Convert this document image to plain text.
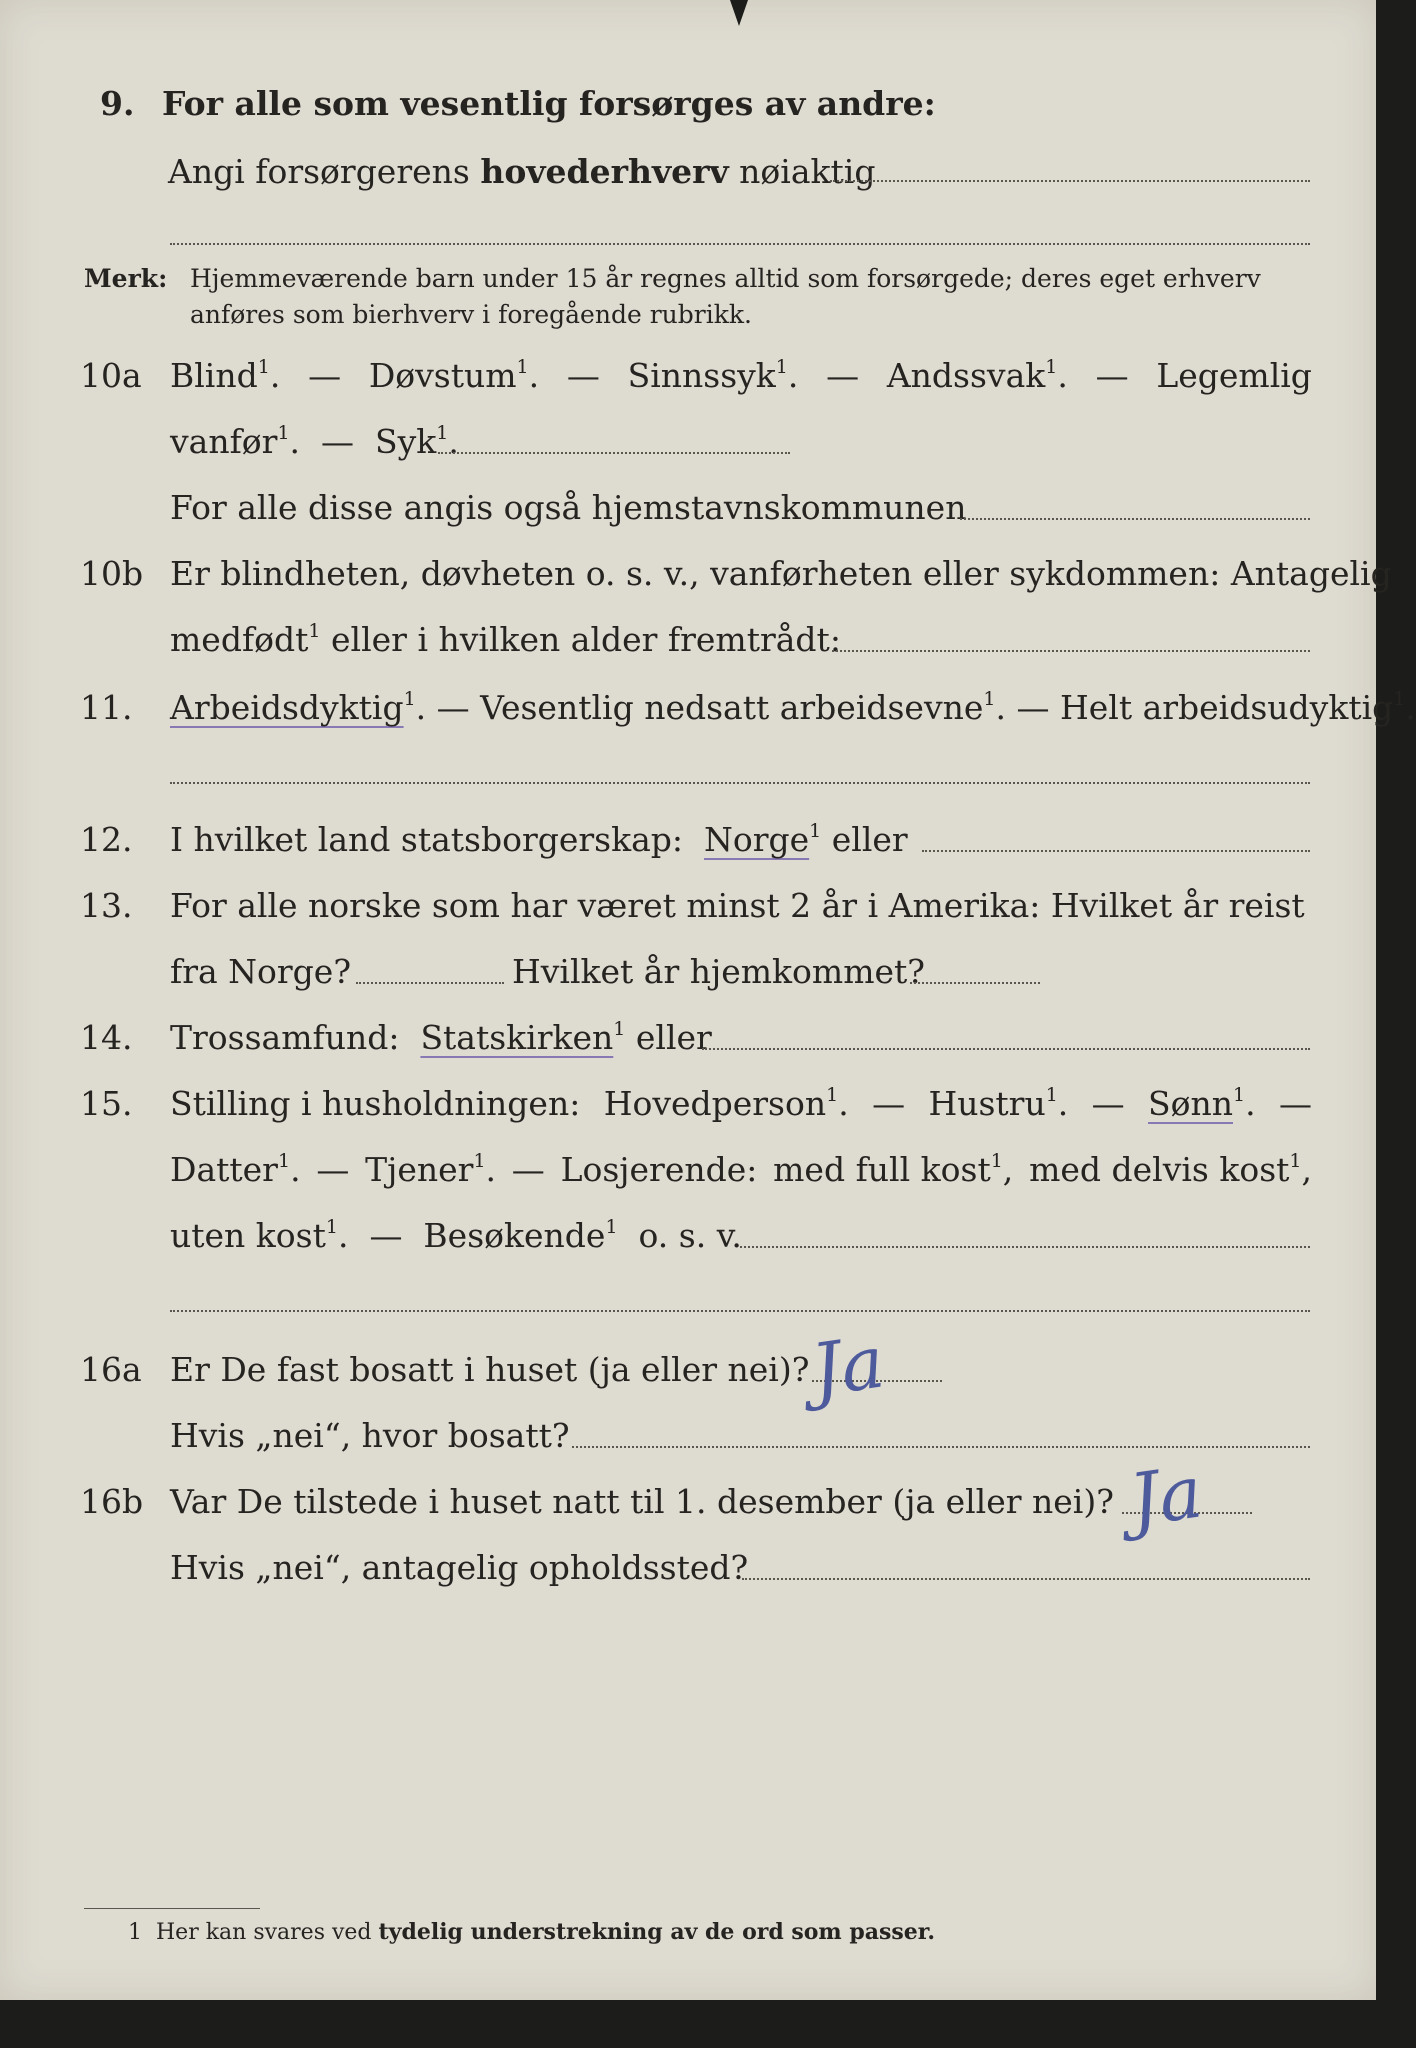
9. For alle som vesentlig forsørges av andre:
Angi forsørgerens hovederhverv nøiaktig
Merk: Hjemmeværende barn under 15 år regnes alltid som forsørgede; deres eget erhverv
anføres som bierhverv i foregående rubrikk.
10a Blind$^1$. — Døvstum$^1$. — Sinnssyk$^1$. — Andssvak$^1$. — Legemlig
vanfør$^1$.  — Syk$^1$.
For alle disse angis også hjemstavnskommunen
10b Er blindheten, døvheten o. s. v., vanførheten eller sykdommen: Antagelig
medfødt$^1$ eller i hvilken alder fremtrådt:
11. Arbeidsdyktig$^1$. — Vesentlig nedsatt arbeidsevne$^1$. — Helt arbeidsudyktig$^1$.
12. I hvilket land statsborgerskap: Norge$^1$ eller
13. For alle norske som har været minst 2 år i Amerika: Hvilket år reist
fra Norge?	Hvilket år hjemkommet?
14. Trossamfund: Statskirken$^1$ eller
15. Stilling i husholdningen: Hovedperson$^1$. — Hustru$^1$. — Sønn$^1$. —
Datter$^1$. — Tjener$^1$. — Losjerende: med full kost$^1$, med delvis kost$^1$,
uten kost$^1$.  — Besøkende$^1$ o. s. v.
16a Er De fast bosatt i huset (ja eller nei)?
Ja
Hvis „nei“, hvor bosatt?
16b Var De tilstede i huset natt til 1. desember (ja eller nei)? Ja
Hvis „nei“, antagelig opholdssted?
1 Her kan svares ved tydelig understrekning av de ord som passer.
